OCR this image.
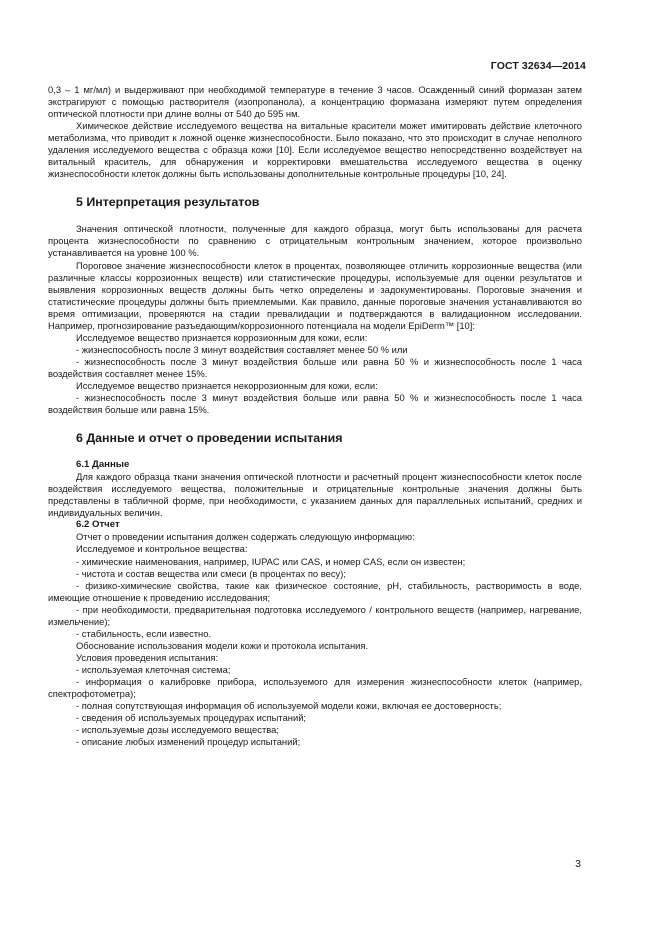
ГОСТ 32634—2014

0,3 – 1 мг/мл) и выдерживают при необходимой температуре в течение 3 часов. Осажденный синий формазан затем экстрагируют с помощью растворителя (изопропанола), а концентрацию формазана измеряют путем определения оптической плотности при длине волны от 540 до 595 нм.

Химическое действие исследуемого вещества на витальные красители может имитировать действие клеточного метаболизма, что приводит к ложной оценке жизнеспособности. Было показано, что это происходит в случае неполного удаления исследуемого вещества с образца кожи [10]. Если исследуемое вещество непосредственно воздействует на витальный краситель, для обнаружения и корректировки вмешательства исследуемого вещества в оценку жизнеспособности клеток должны быть использованы дополнительные контрольные процедуры [10, 24].

5 Интерпретация результатов

Значения оптической плотности, полученные для каждого образца, могут быть использованы для расчета процента жизнеспособности по сравнению с отрицательным контрольным значением, которое произвольно устанавливается на уровне 100 %.

Пороговое значение жизнеспособности клеток в процентах, позволяющее отличить коррозионные вещества (или различные классы коррозионных веществ) или статистические процедуры, используемые для оценки результатов и выявления коррозионных веществ должны быть четко определены и задокументированы. Пороговые значения и статистические процедуры должны быть приемлемыми. Как правило, данные пороговые значения устанавливаются во время оптимизации, проверяются на стадии превалидации и подтверждаются в валидационном исследовании. Например, прогнозирование разъедающим/коррозионного потенциала на модели EpiDerm™ [10]:

Исследуемое вещество признается коррозионным для кожи, если:

- жизнеспособность после 3 минут воздействия составляет менее 50 % или

- жизнеспособность после 3 минут воздействия больше или равна 50 % и жизнеспособность после 1 часа воздействия составляет менее 15%.

Исследуемое вещество признается некоррозионным для кожи, если:

- жизнеспособность после 3 минут воздействия больше или равна 50 % и жизнеспособность после 1 часа воздействия больше или равна 15%.

6 Данные и отчет о проведении испытания
6.1 Данные

Для каждого образца ткани значения оптической плотности и расчетный процент жизнеспособности клеток после воздействия исследуемого вещества, положительные и отрицательные контрольные значения должны быть представлены в табличной форме, при необходимости, с указанием данных для параллельных испытаний, средних и индивидуальных величин.

6.2 Отчет

Отчет о проведении испытания должен содержать следующую информацию:

Исследуемое и контрольное вещества:

- химические наименования, например, IUPAC или CAS, и номер CAS, если он известен;

- чистота и состав вещества или смеси (в процентах по весу);

- физико-химические свойства, такие как физическое состояние, pH, стабильность, растворимость в воде, имеющие отношение к проведению исследования;

- при необходимости, предварительная подготовка исследуемого / контрольного веществ (например, нагревание, измельчение);

- стабильность, если известно.

Обоснование использования модели кожи и протокола испытания.

Условия проведения испытания:

- используемая клеточная система;

- информация о калибровке прибора, используемого для измерения жизнеспособности клеток (например, спектрофотометра);

- полная сопутствующая информация об используемой модели кожи, включая ее достоверность;

- сведения об используемых процедурах испытаний;

- используемые дозы исследуемого вещества;

- описание любых изменений процедур испытаний;

3
